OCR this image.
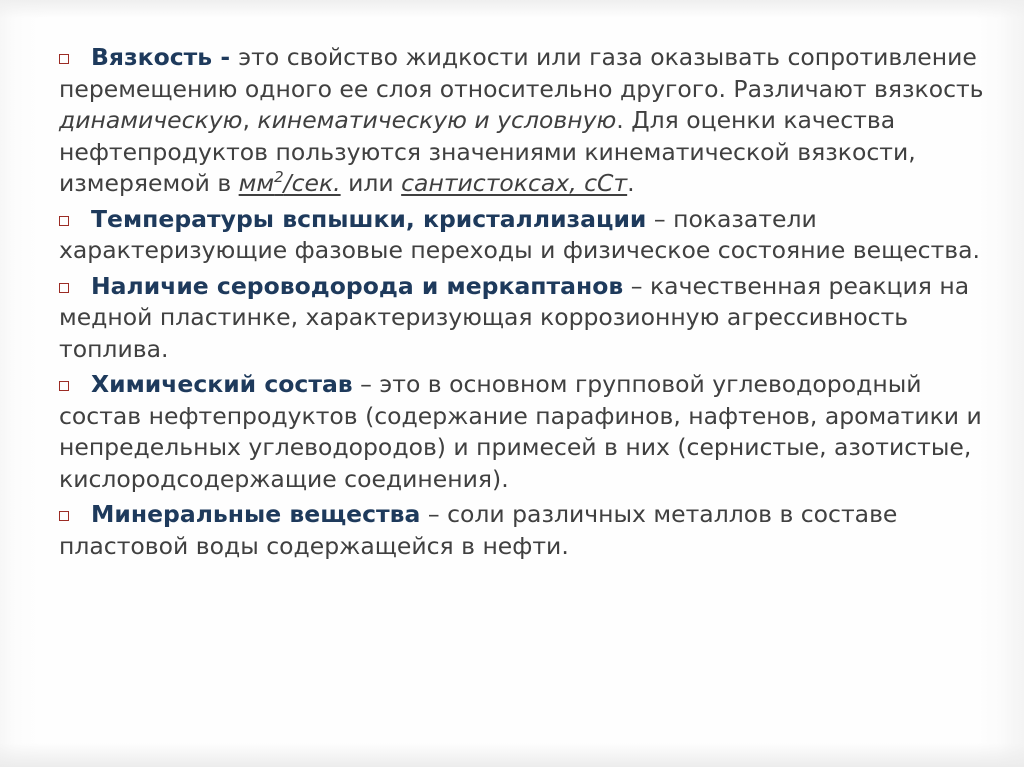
Вязкость - это свойство жидкости или газа оказывать сопротивление перемещению одного ее слоя относительно другого. Различают вязкость динамическую, кинематическую и условную. Для оценки качества нефтепродуктов пользуются значениями кинематической вязкости, измеряемой в $мм^2$/сек. или сантистоксах, сСт.
Температуры вспышки, кристаллизации – показатели характеризующие фазовые переходы и физическое состояние вещества.
Наличие сероводорода и меркаптанов – качественная реакция на медной пластинке, характеризующая коррозионную агрессивность топлива.
Химический состав – это в основном групповой углеводородный состав нефтепродуктов (содержание парафинов, нафтенов, ароматики и непредельных углеводородов) и примесей в них (сернистые, азотистые, кислородсодержащие соединения).
Минеральные вещества – соли различных металлов в составе пластовой воды содержащейся в нефти.
